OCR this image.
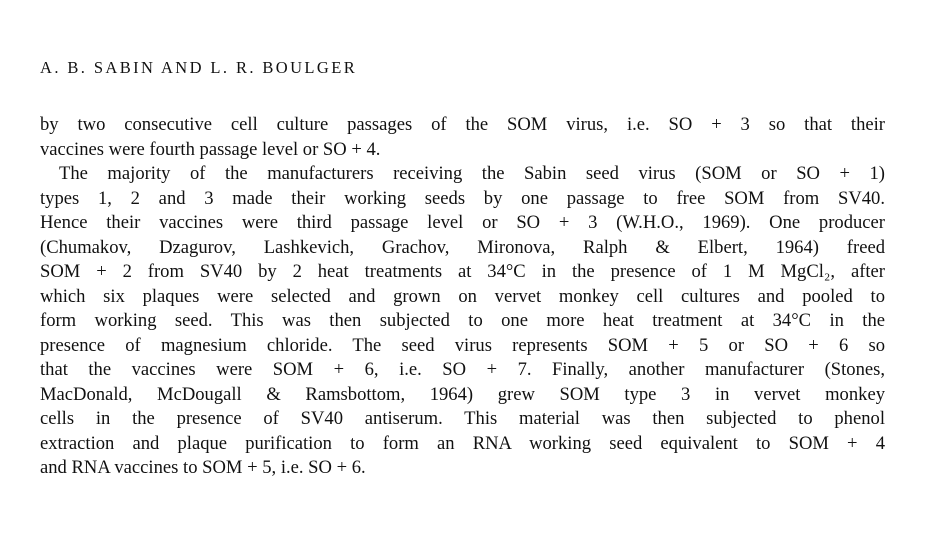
A. B. SABIN AND L. R. BOULGER
by two consecutive cell culture passages of the SOM virus, i.e. SO + 3 so that their
vaccines were fourth passage level or SO + 4.
The majority of the manufacturers receiving the Sabin seed virus (SOM or SO + 1)
types 1, 2 and 3 made their working seeds by one passage to free SOM from SV40.
Hence their vaccines were third passage level or SO + 3 (W.H.O., 1969). One producer
(Chumakov, Dzagurov, Lashkevich, Grachov, Mironova, Ralph & Elbert, 1964) freed
SOM + 2 from SV40 by 2 heat treatments at 34°C in the presence of 1 M MgCl₂, after
which six plaques were selected and grown on vervet monkey cell cultures and pooled to
form working seed. This was then subjected to one more heat treatment at 34°C in the
presence of magnesium chloride. The seed virus represents SOM + 5 or SO + 6 so
that the vaccines were SOM + 6, i.e. SO + 7. Finally, another manufacturer (Stones,
MacDonald, McDougall & Ramsbottom, 1964) grew SOM type 3 in vervet monkey
cells in the presence of SV40 antiserum. This material was then subjected to phenol
extraction and plaque purification to form an RNA working seed equivalent to SOM + 4
and RNA vaccines to SOM + 5, i.e. SO + 6.
